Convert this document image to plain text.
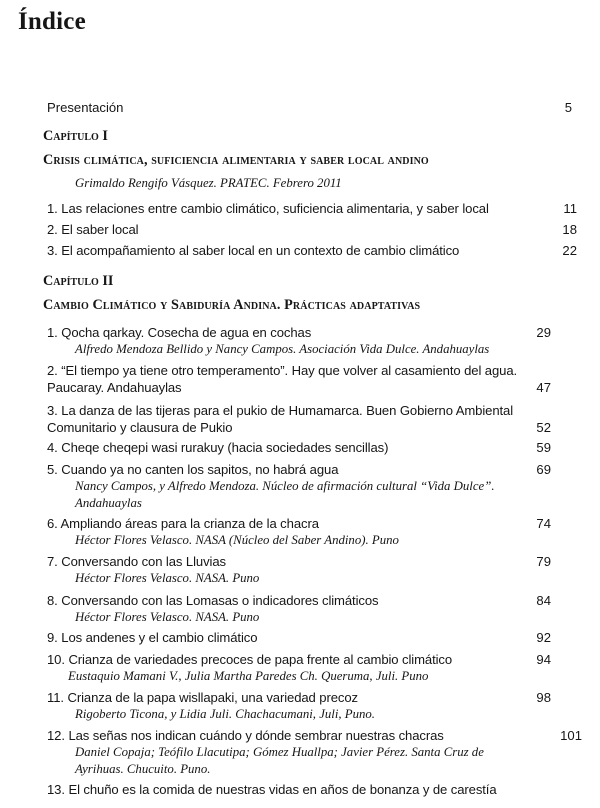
Índice
Presentación	5
Capítulo I
Crisis climática, suficiencia alimentaria y saber local andino
Grimaldo Rengifo Vásquez. PRATEC. Febrero 2011
1. Las relaciones entre cambio climático, suficiencia alimentaria, y saber local	11
2. El saber local	18
3. El acompañamiento al saber local en un contexto de cambio climático	22
Capítulo II
Cambio Climático y Sabiduría Andina. Prácticas adaptativas
1. Qocha qarkay. Cosecha de agua en cochas	29
Alfredo Mendoza Bellido y Nancy Campos. Asociación Vida Dulce. Andahuaylas
2. “El tiempo ya tiene otro temperamento”. Hay que volver al casamiento del agua.
Paucaray. Andahuaylas	47
3. La danza de las tijeras para el pukio de Humamarca. Buen Gobierno Ambiental
Comunitario y clausura de Pukio	52
4. Cheqe cheqepi wasi rurakuy (hacia sociedades sencillas)	59
5. Cuando ya no canten los sapitos, no habrá agua	69
Nancy Campos, y Alfredo Mendoza. Núcleo de afirmación cultural “Vida Dulce”.
Andahuaylas
6. Ampliando áreas para la crianza de la chacra	74
Héctor Flores Velasco. NASA (Núcleo del Saber Andino). Puno
7. Conversando con las Lluvias	79
Héctor Flores Velasco. NASA. Puno
8. Conversando con las Lomasas o indicadores climáticos	84
Héctor Flores Velasco. NASA. Puno
9. Los andenes y el cambio climático	92
10. Crianza de variedades precoces de papa frente al cambio climático	94
Eustaquio Mamani V., Julia Martha Paredes Ch. Queruma, Juli. Puno
11. Crianza de la papa wisllapaki, una variedad precoz	98
Rigoberto Ticona, y Lidia Juli. Chachacumani, Juli, Puno.
12. Las señas nos indican cuándo y dónde sembrar nuestras chacras	101
Daniel Copaja; Teófilo Llacutipa; Gómez Huallpa; Javier Pérez. Santa Cruz de
Ayrihuas. Chucuito. Puno.
13. El chuño es la comida de nuestras vidas en años de bonanza y de carestía
